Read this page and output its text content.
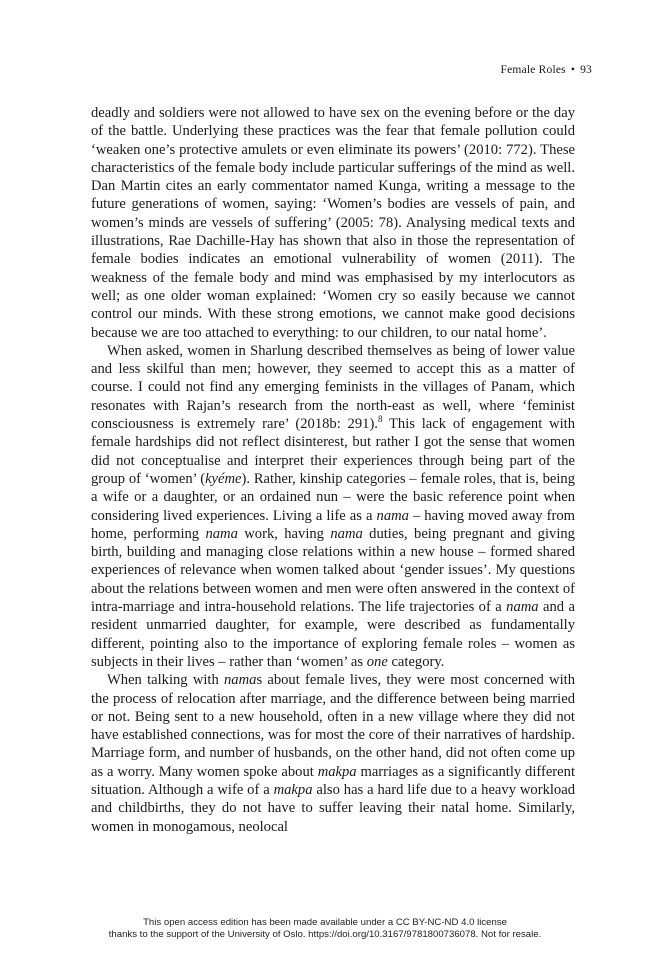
Female Roles • 93

deadly and soldiers were not allowed to have sex on the evening before or the day of the battle. Underlying these practices was the fear that female pollution could ‘weaken one’s protective amulets or even eliminate its powers’ (2010: 772). These characteristics of the female body include particular sufferings of the mind as well. Dan Martin cites an early commentator named Kunga, writing a message to the future generations of women, saying: ‘Women’s bodies are vessels of pain, and women’s minds are vessels of suffering’ (2005: 78). Analysing medical texts and illustrations, Rae Dachille-Hay has shown that also in those the representation of female bodies indicates an emotional vulnerability of women (2011). The weakness of the female body and mind was emphasised by my interlocutors as well; as one older woman explained: ‘Women cry so easily because we cannot control our minds. With these strong emotions, we cannot make good decisions because we are too attached to everything: to our children, to our natal home’.

When asked, women in Sharlung described themselves as being of lower value and less skilful than men; however, they seemed to accept this as a matter of course. I could not find any emerging feminists in the villages of Panam, which resonates with Rajan’s research from the north-east as well, where ‘feminist consciousness is extremely rare’ (2018b: 291).$^8$ This lack of engagement with female hardships did not reflect disinterest, but rather I got the sense that women did not conceptualise and interpret their experiences through being part of the group of ‘women’ (kyéme). Rather, kinship categories – female roles, that is, being a wife or a daughter, or an ordained nun – were the basic reference point when considering lived experiences. Living a life as a nama – having moved away from home, performing nama work, having nama duties, being pregnant and giving birth, building and managing close relations within a new house – formed shared experiences of relevance when women talked about ‘gender issues’. My questions about the relations between women and men were often answered in the context of intra-marriage and intra-household relations. The life trajectories of a nama and a resident unmarried daughter, for example, were described as fundamentally different, pointing also to the importance of exploring female roles – women as subjects in their lives – rather than ‘women’ as one category.

When talking with namas about female lives, they were most concerned with the process of relocation after marriage, and the difference between being married or not. Being sent to a new household, often in a new village where they did not have established connections, was for most the core of their narratives of hardship. Marriage form, and number of husbands, on the other hand, did not often come up as a worry. Many women spoke about makpa marriages as a significantly different situation. Although a wife of a makpa also has a hard life due to a heavy workload and childbirths, they do not have to suffer leaving their natal home. Similarly, women in monogamous, neolocal

This open access edition has been made available under a CC BY-NC-ND 4.0 license
thanks to the support of the University of Oslo. https://doi.org/10.3167/9781800736078. Not for resale.
